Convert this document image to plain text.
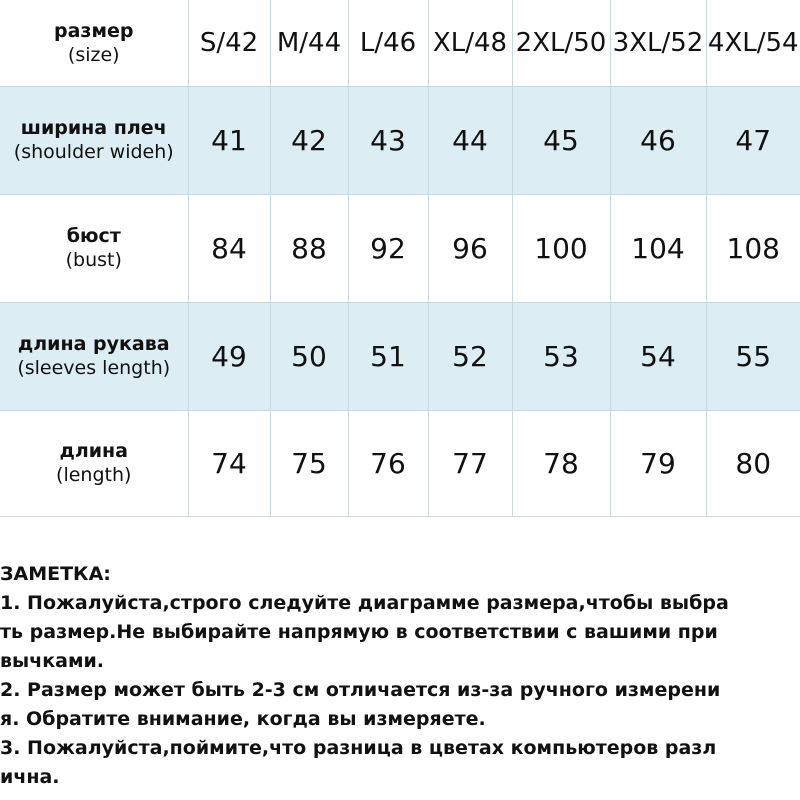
размер
(size)	S/42	M/44	L/46	XL/48	2XL/50	3XL/52	4XL/54

ширина плеч
(shoulder wideh)	41	42	43	44	45	46	47

бюст
(bust)	84	88	92	96	100	104	108

длина рукава
(sleeves length)	49	50	51	52	53	54	55

длина
(length)	74	75	76	77	78	79	80
ЗАМЕТКА:
1. Пожалуйста,строго следуйте диаграмме размера,чтобы выбра
ть размер.Не выбирайте напрямую в соответствии с вашими при
вычками.
2. Размер может быть 2-3 см отличается из-за ручного измерени
я. Обратите внимание, когда вы измеряете.
3. Пожалуйста,поймите,что разница в цветах компьютеров разл
ична.
